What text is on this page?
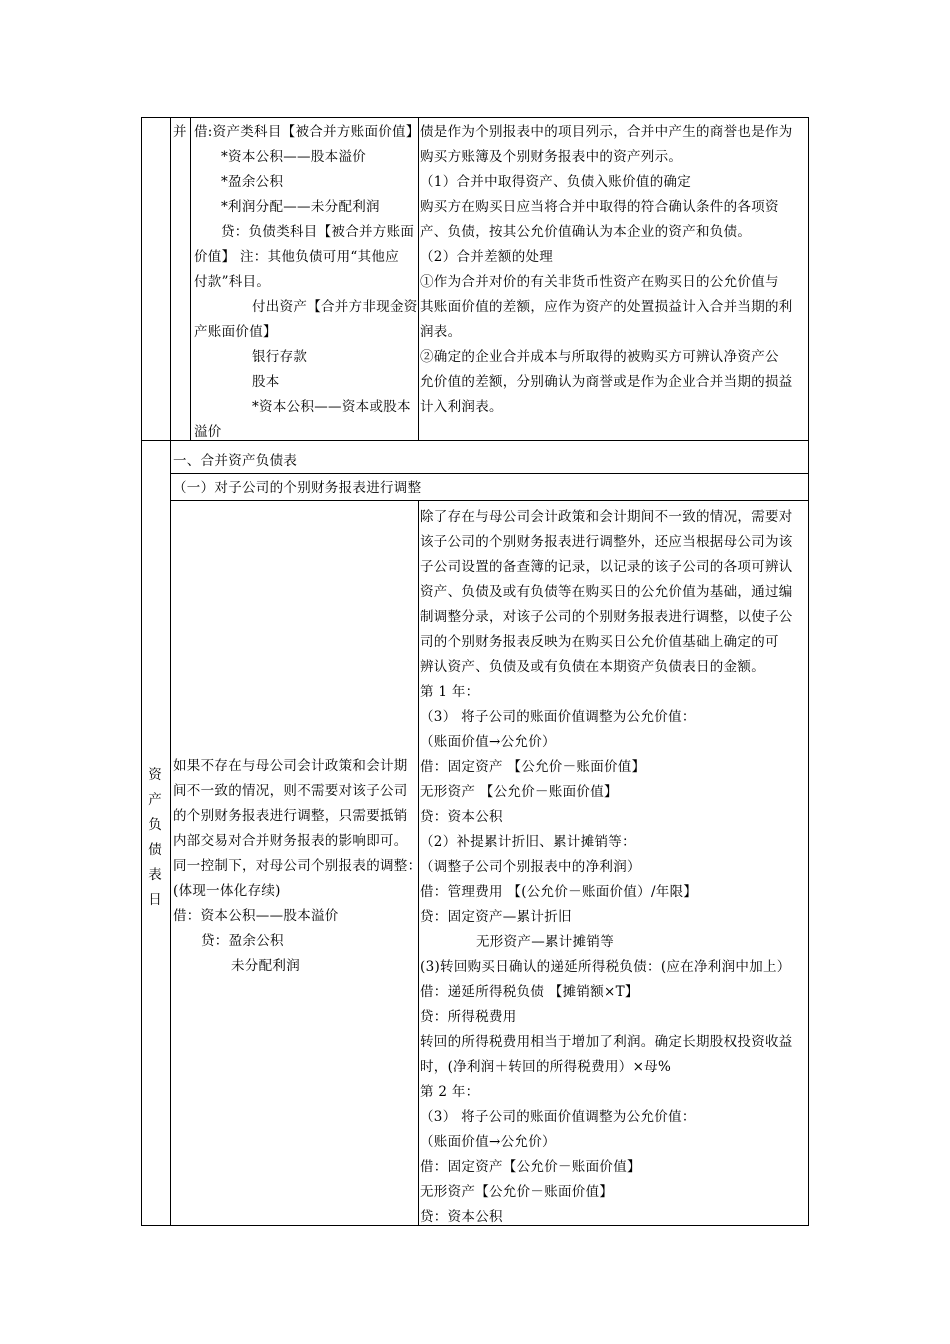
并 借:资产类科目【被合并方账面价值】
*资本公积——股本溢价
*盈余公积
*利润分配——未分配利润
贷：负债类科目【被合并方账面
价值】 注：其他负债可用“其他应
付款”科目。
付出资产【合并方非现金资
产账面价值】
银行存款
股本
*资本公积——资本或股本
溢价
债是作为个别报表中的项目列示，合并中产生的商誉也是作为
购买方账簿及个别财务报表中的资产列示。
（1）合并中取得资产、负债入账价值的确定
购买方在购买日应当将合并中取得的符合确认条件的各项资
产、负债，按其公允价值确认为本企业的资产和负债。
（2）合并差额的处理
①作为合并对价的有关非货币性资产在购买日的公允价值与
其账面价值的差额，应作为资产的处置损益计入合并当期的利
润表。
②确定的企业合并成本与所取得的被购买方可辨认净资产公
允价值的差额，分别确认为商誉或是作为企业合并当期的损益
计入利润表。
资
产
负
债
表
日
一、合并资产负债表
（一）对子公司的个别财务报表进行调整
如果不存在与母公司会计政策和会计期
间不一致的情况，则不需要对该子公司
的个别财务报表进行调整，只需要抵销
内部交易对合并财务报表的影响即可。
同一控制下，对母公司个别报表的调整：
(体现一体化存续)
借：资本公积——股本溢价
贷：盈余公积
未分配利润
除了存在与母公司会计政策和会计期间不一致的情况，需要对
该子公司的个别财务报表进行调整外，还应当根据母公司为该
子公司设置的备查簿的记录，以记录的该子公司的各项可辨认
资产、负债及或有负债等在购买日的公允价值为基础，通过编
制调整分录，对该子公司的个别财务报表进行调整，以使子公
司的个别财务报表反映为在购买日公允价值基础上确定的可
辨认资产、负债及或有负债在本期资产负债表日的金额。
第 1 年：
（3） 将子公司的账面价值调整为公允价值：
（账面价值→公允价）
借：固定资产 【公允价－账面价值】
无形资产 【公允价－账面价值】
贷：资本公积
（2）补提累计折旧、累计摊销等：
（调整子公司个别报表中的净利润）
借：管理费用 【(公允价－账面价值）/年限】
贷：固定资产—累计折旧
无形资产—累计摊销等
(3)转回购买日确认的递延所得税负债：(应在净利润中加上）
借：递延所得税负债 【摊销额×T】
贷：所得税费用
转回的所得税费用相当于增加了利润。确定长期股权投资收益
时，(净利润＋转回的所得税费用）×母%
第 2 年：
（3） 将子公司的账面价值调整为公允价值：
（账面价值→公允价）
借：固定资产【公允价－账面价值】
无形资产【公允价－账面价值】
贷：资本公积
